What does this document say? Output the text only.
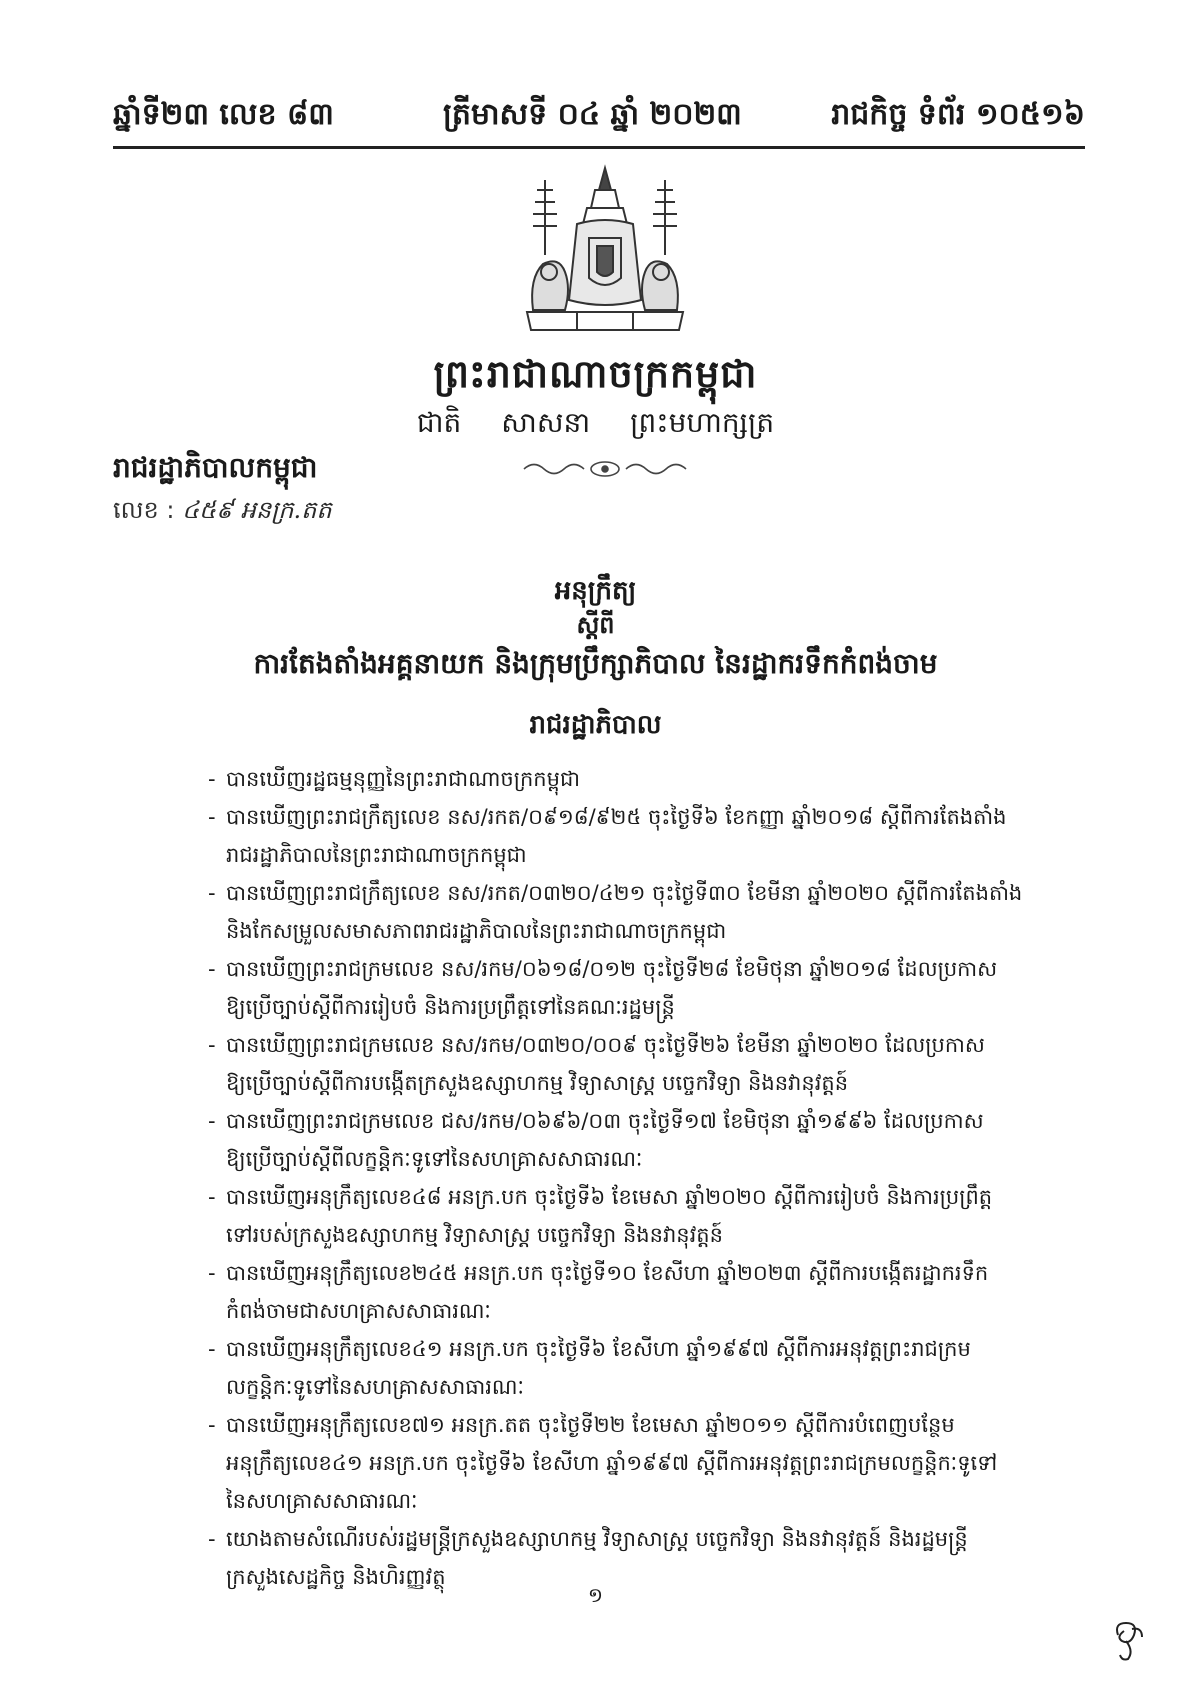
ឆ្នាំទី២៣ លេខ ៨៣	ត្រីមាសទី ០៤ ឆ្នាំ ២០២៣	រាជកិច្ច ទំព័រ ១០៥១៦
ព្រះរាជាណាចក្រកម្ពុជា
ជាតិ សាសនា ព្រះមហាក្សត្រ
រាជរដ្ឋាភិបាលកម្ពុជា
លេខ : ៤៥៩ អនក្រ.តត
អនុក្រឹត្យ
ស្តីពី
ការតែងតាំងអគ្គនាយក និងក្រុមប្រឹក្សាភិបាល នៃរដ្ឋាករទឹកកំពង់ចាម
រាជរដ្ឋាភិបាល
- បានឃើញរដ្ឋធម្មនុញ្ញនៃព្រះរាជាណាចក្រកម្ពុជា
- បានឃើញព្រះរាជក្រឹត្យលេខ នស/រកត/០៩១៨/៩២៥ ចុះថ្ងៃទី៦ ខែកញ្ញា ឆ្នាំ២០១៨ ស្តីពីការតែងតាំង
រាជរដ្ឋាភិបាលនៃព្រះរាជាណាចក្រកម្ពុជា
- បានឃើញព្រះរាជក្រឹត្យលេខ នស/រកត/០៣២០/៤២១ ចុះថ្ងៃទី៣០ ខែមីនា ឆ្នាំ២០២០ ស្តីពីការតែងតាំង
និងកែសម្រួលសមាសភាពរាជរដ្ឋាភិបាលនៃព្រះរាជាណាចក្រកម្ពុជា
- បានឃើញព្រះរាជក្រមលេខ នស/រកម/០៦១៨/០១២ ចុះថ្ងៃទី២៨ ខែមិថុនា ឆ្នាំ២០១៨ ដែលប្រកាស
ឱ្យប្រើច្បាប់ស្តីពីការរៀបចំ និងការប្រព្រឹត្តទៅនៃគណៈរដ្ឋមន្ត្រី
- បានឃើញព្រះរាជក្រមលេខ នស/រកម/០៣២០/០០៩ ចុះថ្ងៃទី២៦ ខែមីនា ឆ្នាំ២០២០ ដែលប្រកាស
ឱ្យប្រើច្បាប់ស្តីពីការបង្កើតក្រសួងឧស្សាហកម្ម វិទ្យាសាស្ត្រ បច្ចេកវិទ្យា និងនវានុវត្តន៍
- បានឃើញព្រះរាជក្រមលេខ ជស/រកម/០៦៩៦/០៣ ចុះថ្ងៃទី១៧ ខែមិថុនា ឆ្នាំ១៩៩៦ ដែលប្រកាស
ឱ្យប្រើច្បាប់ស្តីពីលក្ខន្តិកៈទូទៅនៃសហគ្រាសសាធារណៈ
- បានឃើញអនុក្រឹត្យលេខ៤៨ អនក្រ.បក ចុះថ្ងៃទី៦ ខែមេសា ឆ្នាំ២០២០ ស្តីពីការរៀបចំ និងការប្រព្រឹត្ត
ទៅរបស់ក្រសួងឧស្សាហកម្ម វិទ្យាសាស្ត្រ បច្ចេកវិទ្យា និងនវានុវត្តន៍
- បានឃើញអនុក្រឹត្យលេខ២៤៥ អនក្រ.បក ចុះថ្ងៃទី១០ ខែសីហា ឆ្នាំ២០២៣ ស្តីពីការបង្កើតរដ្ឋាករទឹក
កំពង់ចាមជាសហគ្រាសសាធារណៈ
- បានឃើញអនុក្រឹត្យលេខ៤១ អនក្រ.បក ចុះថ្ងៃទី៦ ខែសីហា ឆ្នាំ១៩៩៧ ស្តីពីការអនុវត្តព្រះរាជក្រម
លក្ខន្តិកៈទូទៅនៃសហគ្រាសសាធារណៈ
- បានឃើញអនុក្រឹត្យលេខ៧១ អនក្រ.តត ចុះថ្ងៃទី២២ ខែមេសា ឆ្នាំ២០១១ ស្តីពីការបំពេញបន្ថែម
អនុក្រឹត្យលេខ៤១ អនក្រ.បក ចុះថ្ងៃទី៦ ខែសីហា ឆ្នាំ១៩៩៧ ស្តីពីការអនុវត្តព្រះរាជក្រមលក្ខន្តិកៈទូទៅ
នៃសហគ្រាសសាធារណៈ
- យោងតាមសំណើរបស់រដ្ឋមន្ត្រីក្រសួងឧស្សាហកម្ម វិទ្យាសាស្ត្រ បច្ចេកវិទ្យា និងនវានុវត្តន៍ និងរដ្ឋមន្ត្រី
ក្រសួងសេដ្ឋកិច្ច និងហិរញ្ញវត្ថុ
១
